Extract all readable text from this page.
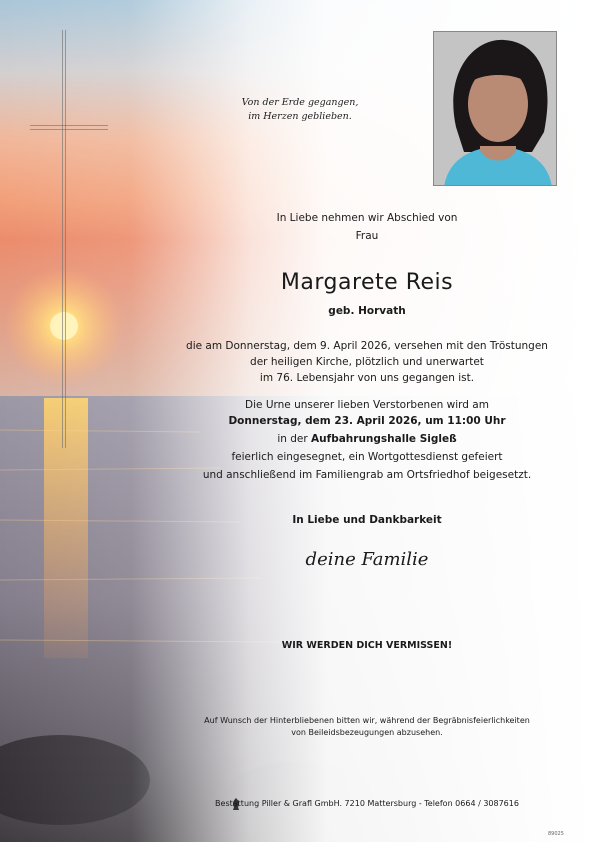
Von der Erde gegangen,
im Herzen geblieben.
In Liebe nehmen wir Abschied von
Frau
Margarete Reis
geb. Horvath
die am Donnerstag, dem 9. April 2026, versehen mit den Tröstungen
der heiligen Kirche, plötzlich und unerwartet
im 76. Lebensjahr von uns gegangen ist.
Die Urne unserer lieben Verstorbenen wird am
Donnerstag, dem 23. April 2026, um 11:00 Uhr
in der Aufbahrungshalle Sigleß
feierlich eingesegnet, ein Wortgottesdienst gefeiert
und anschließend im Familiengrab am Ortsfriedhof beigesetzt.
In Liebe und Dankbarkeit
deine Familie
WIR WERDEN DICH VERMISSEN!
Auf Wunsch der Hinterbliebenen bitten wir, während der Begräbnisfeierlichkeiten
von Beileidsbezeugungen abzusehen.
Bestattung Piller & Grafl GmbH. 7210 Mattersburg - Telefon 0664 / 3087616
89025
